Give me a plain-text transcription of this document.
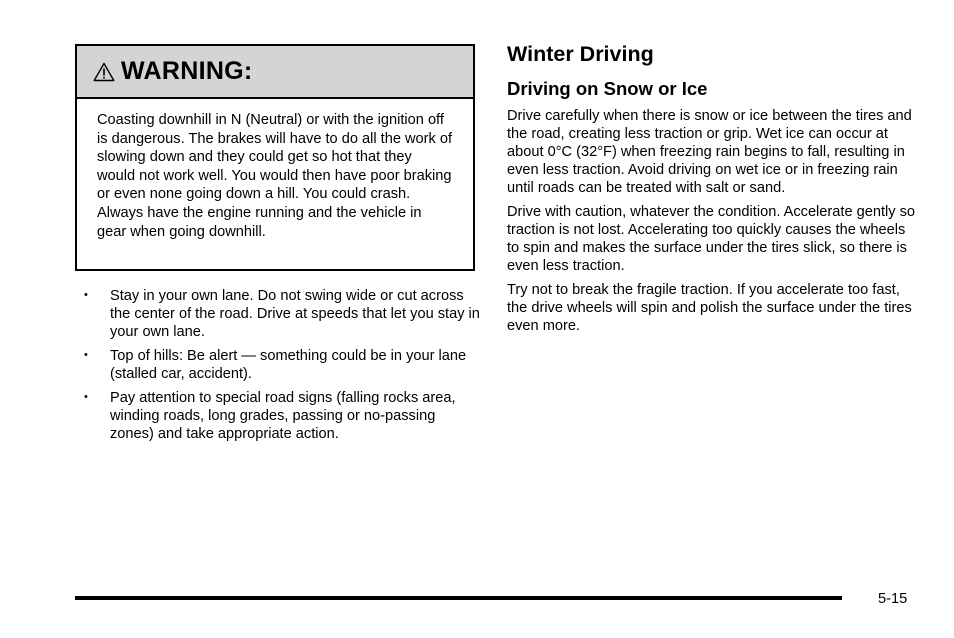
WARNING:
Coasting downhill in N (Neutral) or with the ignition off is dangerous. The brakes will have to do all the work of slowing down and they could get so hot that they would not work well. You would then have poor braking or even none going down a hill. You could crash. Always have the engine running and the vehicle in gear when going downhill.
• Stay in your own lane. Do not swing wide or cut across the center of the road. Drive at speeds that let you stay in your own lane.
• Top of hills: Be alert — something could be in your lane (stalled car, accident).
• Pay attention to special road signs (falling rocks area, winding roads, long grades, passing or no-passing zones) and take appropriate action.
Winter Driving
Driving on Snow or Ice

Drive carefully when there is snow or ice between the tires and the road, creating less traction or grip. Wet ice can occur at about 0°C (32°F) when freezing rain begins to fall, resulting in even less traction. Avoid driving on wet ice or in freezing rain until roads can be treated with salt or sand.

Drive with caution, whatever the condition. Accelerate gently so traction is not lost. Accelerating too quickly causes the wheels to spin and makes the surface under the tires slick, so there is even less traction.

Try not to break the fragile traction. If you accelerate too fast, the drive wheels will spin and polish the surface under the tires even more.

5-15
